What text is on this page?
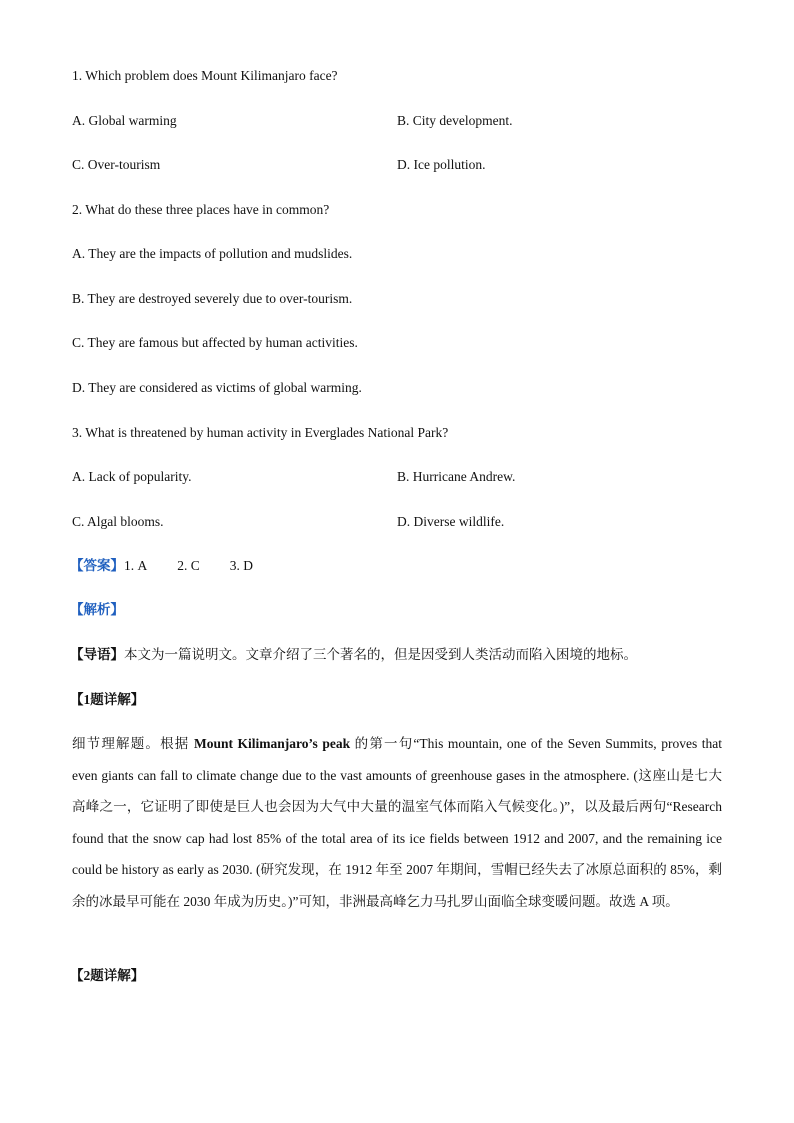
1. Which problem does Mount Kilimanjaro face?
A. Global warming	B. City development.
C. Over-tourism	D. Ice pollution.
2. What do these three places have in common?
A. They are the impacts of pollution and mudslides.
B. They are destroyed severely due to over-tourism.
C. They are famous but affected by human activities.
D. They are considered as victims of global warming.
3. What is threatened by human activity in Everglades National Park?
A. Lack of popularity.	B. Hurricane Andrew.
C. Algal blooms.	D. Diverse wildlife.
【答案】1. A 2. C 3. D
【解析】
【导语】本文为一篇说明文。文章介绍了三个著名的，但是因受到人类活动而陷入困境的地标。
【1题详解】
细节理解题。根据 Mount Kilimanjaro’s peak 的第一句“This mountain, one of the Seven Summits, proves that even giants can fall to climate change due to the vast amounts of greenhouse gases in the atmosphere. (这座山是七大高峰之一，它证明了即使是巨人也会因为大气中大量的温室气体而陷入气候变化。)”，以及最后两句“Research found that the snow cap had lost 85% of the total area of its ice fields between 1912 and 2007, and the remaining ice could be history as early as 2030. (研究发现，在 1912 年至 2007 年期间，雪帽已经失去了冰原总面积的 85%，剩余的冰最早可能在 2030 年成为历史。)”可知，非洲最高峰乞力马扎罗山面临全球变暖问题。故选 A 项。
【2题详解】
